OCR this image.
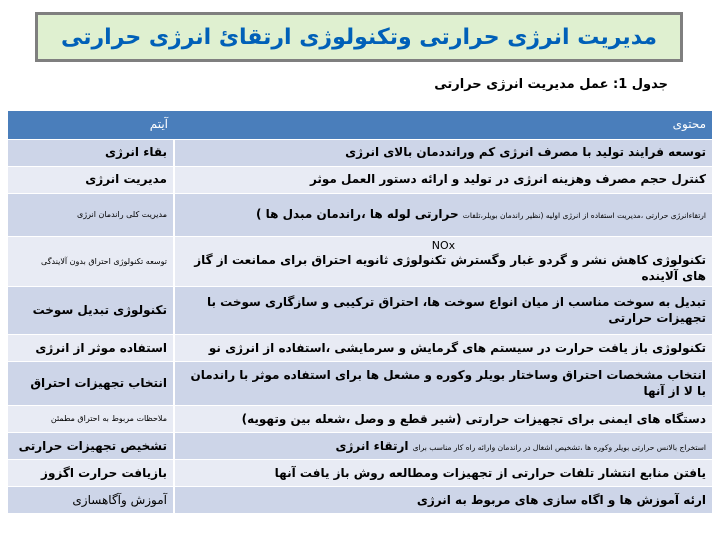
مدیریت انرژی حرارتی وتکنولوژی ارتقائ انرژی حرارتی
جدول 1: عمل مدیریت انرژی حرارتی
محتوی	آیتم
توسعه فرایند تولید با مصرف انرژی کم ورانددمان بالای انرژی	بقاء انرژی
کنترل حجم مصرف وهزینه انرژی در تولید و ارائه دستور العمل موثر	مدیریت انرژی
ارتقاءانرژی حرارتی ،مدیریت استفاده از انرژی اولیه (نظیر راندمان بویلر،تلفات حرارتی لوله ها ،راندمان مبدل ها )	مدیریت کلی راندمان انرژی

NOx
تکنولوژی کاهش نشر و گردو غبار وگسترش تکنولوژی ثانویه احتراق برای ممانعت از گاز های آلاینده	توسعه تکنولوژی احتراق بدون آلایندگی
تبدیل به سوخت مناسب از میان انواع سوخت ها، احتراق ترکیبی و سازگاری سوخت با تجهیزات حرارتی	تکنولوژی تبدیل سوخت
تکنولوژی باز یافت حرارت در سیستم های گرمایش و سرمایشی ،استفاده از انرژی نو	استفاده موثر از انرژی
انتخاب مشخصات احتراق وساختار بویلر وکوره و مشعل ها برای استفاده موثر با راندمان با لا از آنها	انتخاب تجهیزات احتراق
دستگاه های ایمنی برای تجهیزات حرارتی (شیر قطع و وصل ،شعله بین وتهویه)	ملاحظات مربوط به احتراق مطمئن
استخراج بالانس حرارتی بویلر وکوره ها ،تشخیص اشغال در راندمان وارائه راه کار مناسب برای ارتقاء انرژی	تشخیص تجهیزات حرارتی
یافتن منابع انتشار تلفات حرارتی از تجهیزات ومطالعه روش باز یافت آنها	بازیافت حرارت اگزوز
ارئه آموزش ها و اگاه سازی های مربوط به انرژی	آموزش وآگاهسازی
